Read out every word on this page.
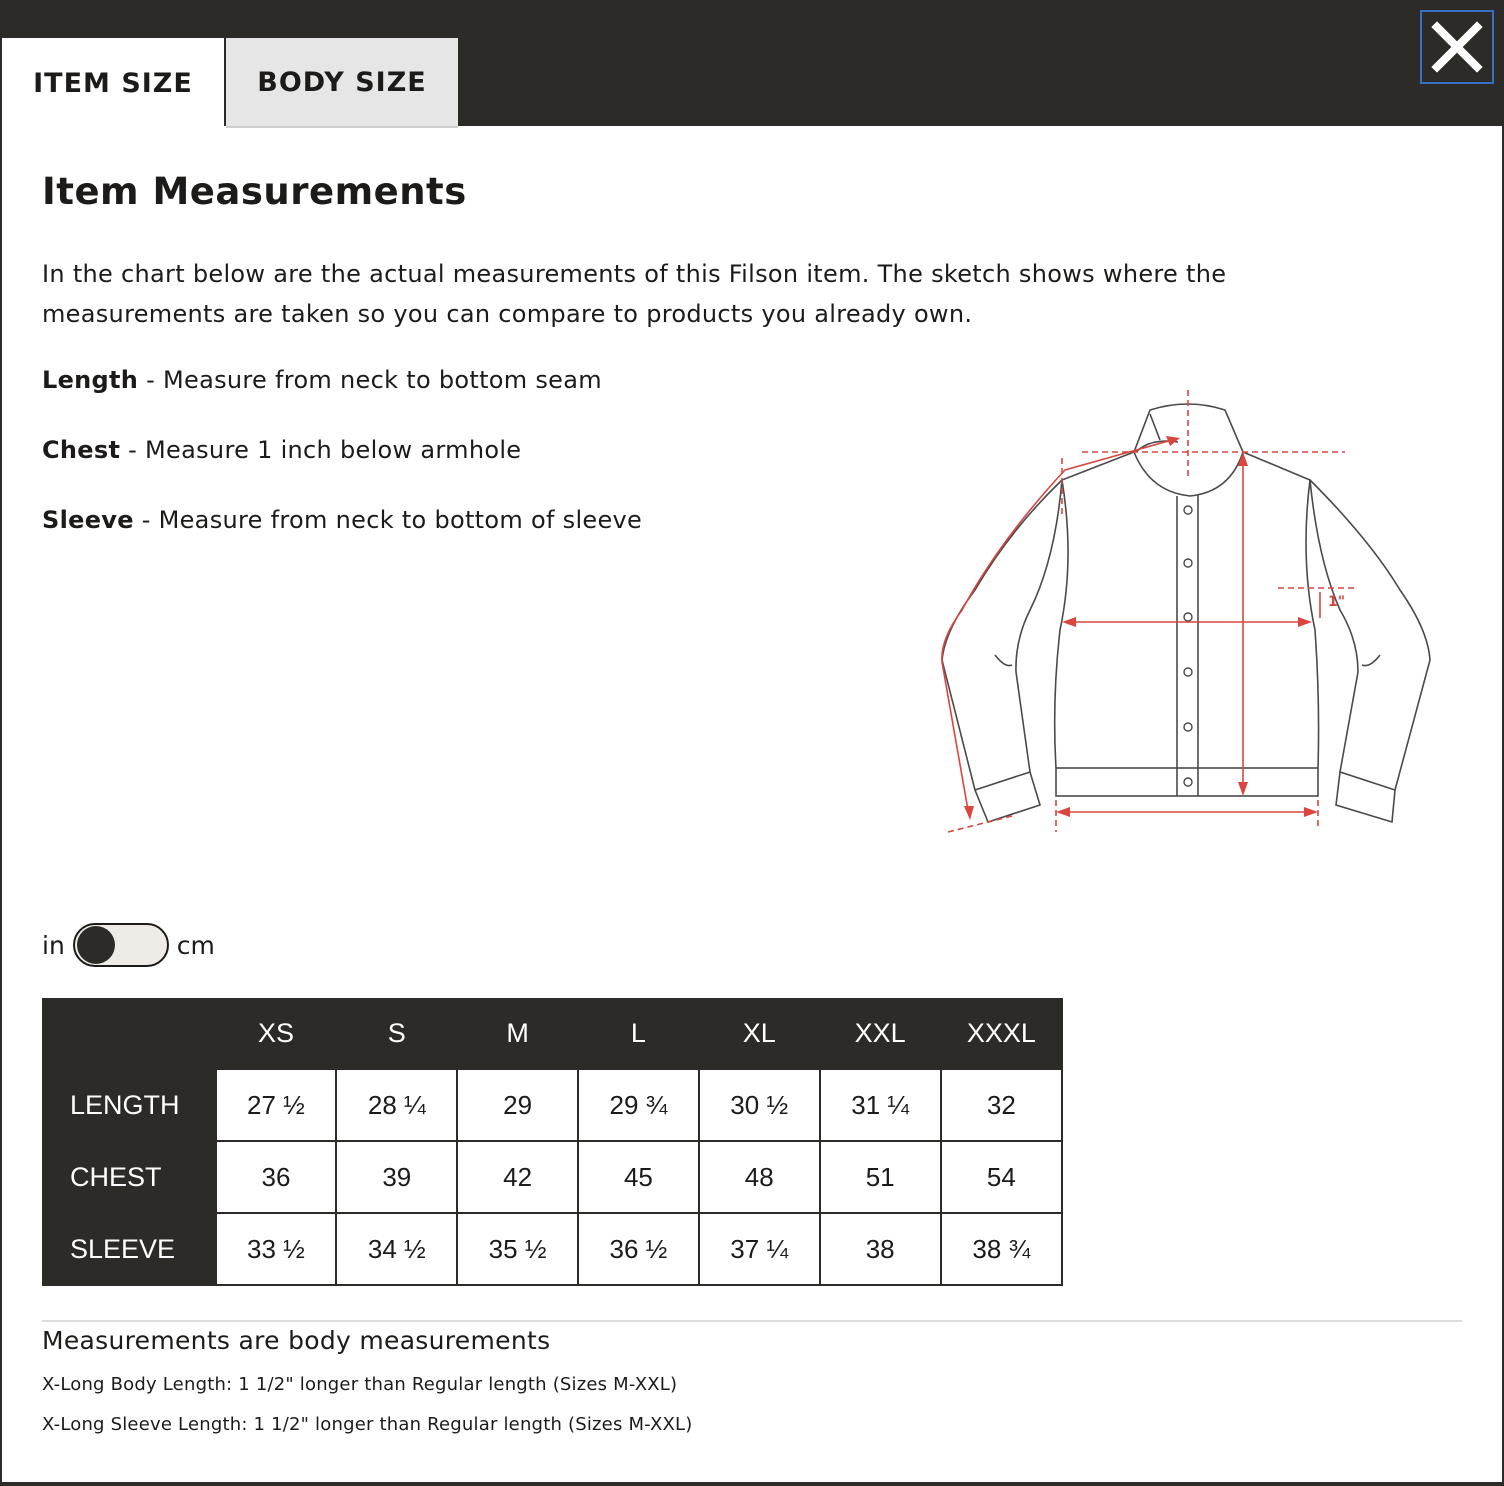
ITEM SIZE	BODY SIZE
Item Measurements

In the chart below are the actual measurements of this Filson item. The sketch shows where the measurements are taken so you can compare to products you already own.

Length - Measure from neck to bottom seam

Chest - Measure 1 inch below armhole

Sleeve - Measure from neck to bottom of sleeve

1"
in	cm
	XS	S	M	L	XL	XXL	XXXL
LENGTH	27 ½	28 ¼	29	29 ¾	30 ½	31 ¼	32
CHEST	36	39	42	45	48	51	54
SLEEVE	33 ½	34 ½	35 ½	36 ½	37 ¼	38	38 ¾

Measurements are body measurements

X-Long Body Length: 1 1/2" longer than Regular length (Sizes M-XXL)

X-Long Sleeve Length: 1 1/2" longer than Regular length (Sizes M-XXL)
